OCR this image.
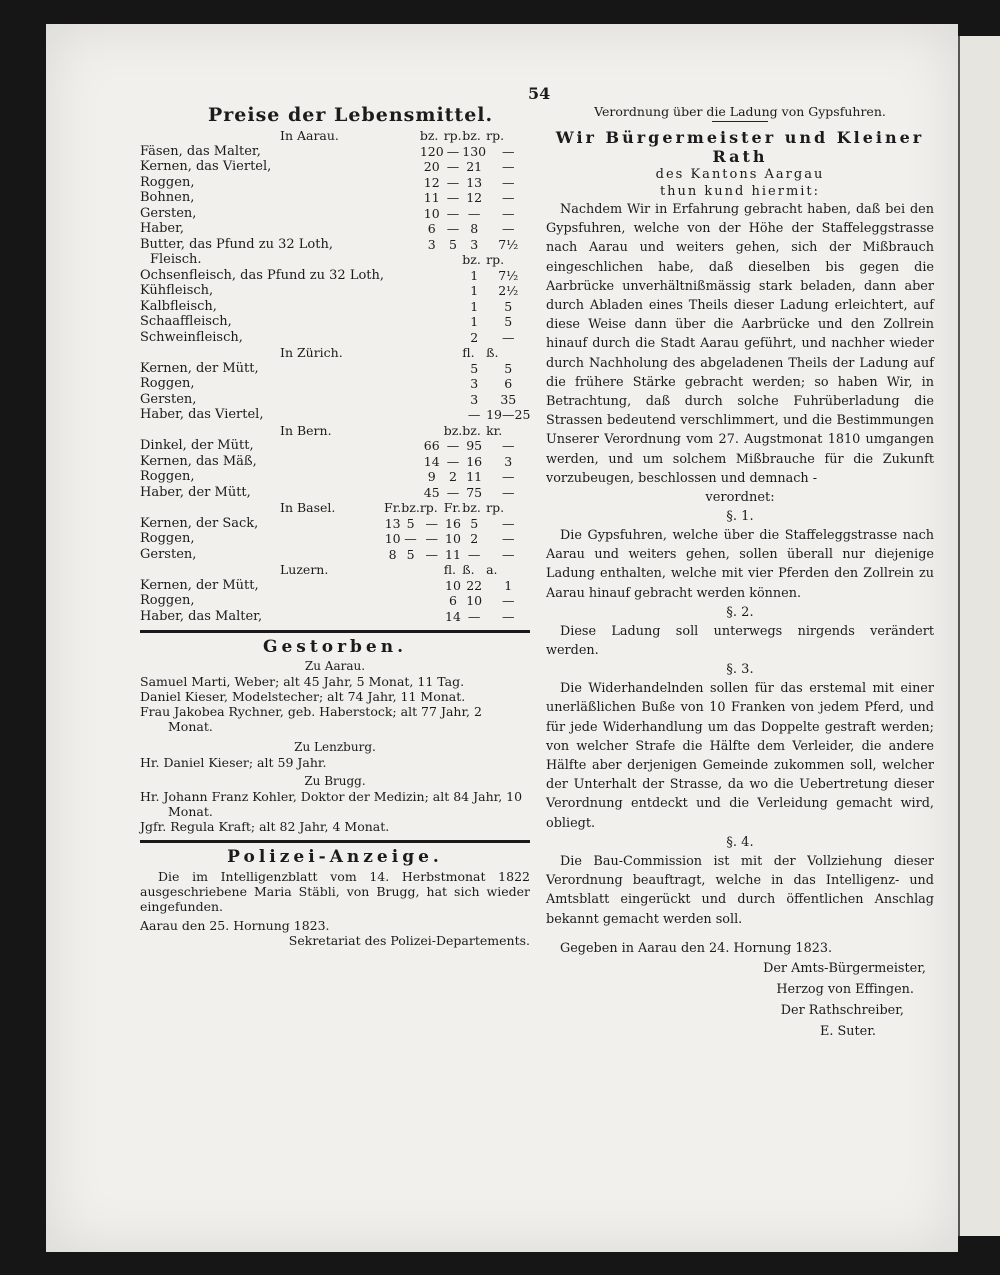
54
Preise der Lebensmittel.
In Aarau.			bz.	rp.	bz.	rp.
Fäsen, das Malter,			120	—	130	—
Kernen, das Viertel,			20	—	21	—
Roggen,			12	—	13	—
Bohnen,			11	—	12	—
Gersten,			10	—	—	—
Haber,			6	—	8	—
Butter, das Pfund zu 32 Loth,			3	5	3	7½
Fleisch.					bz.	rp.
Ochsenfleisch, das Pfund zu 32 Loth,					1	7½
Kühfleisch,					1	2½
Kalbfleisch,					1	5
Schaaffleisch,					1	5
Schweinfleisch,					2	—
In Zürich.					fl.	ß.
Kernen, der Mütt,					5	5
Roggen,					3	6
Gersten,					3	35
Haber, das Viertel,					—	19—25
In Bern.				bz.	bz.	kr.
Dinkel, der Mütt,			66	—	95	—
Kernen, das Mäß,			14	—	16	3
Roggen,			9	2	11	—
Haber, der Mütt,			45	—	75	—
In Basel.	Fr.	bz.	rp.	Fr.	bz.	rp.
Kernen, der Sack,	13	5	—	16	5	—
Roggen,	10	—	—	10	2	—
Gersten,	8	5	—	11	—	—
Luzern.				fl.	ß.	a.
Kernen, der Mütt,				10	22	1
Roggen,				6	10	—
Haber, das Malter,				14	—	—
Gestorben.
Zu Aarau.

Samuel Marti, Weber; alt 45 Jahr, 5 Monat, 11 Tag.

Daniel Kieser, Modelstecher; alt 74 Jahr, 11 Monat.

Frau Jakobea Rychner, geb. Haberstock; alt 77 Jahr, 2 Monat.

Zu Lenzburg.

Hr. Daniel Kieser; alt 59 Jahr.

Zu Brugg.

Hr. Johann Franz Kohler, Doktor der Medizin; alt 84 Jahr, 10 Monat.

Jgfr. Regula Kraft; alt 82 Jahr, 4 Monat.

Polizei-Anzeige.

Die im Intelligenzblatt vom 14. Herbstmonat 1822 ausgeschriebene Maria Stäbli, von Brugg, hat sich wieder eingefunden.

Aarau den 25. Hornung 1823.

Sekretariat des Polizei-Departements.

Verordnung über die Ladung von Gypsfuhren.
Wir Bürgermeister und Kleiner Rath
des Kantons Aargau
thun kund hiermit:

Nachdem Wir in Erfahrung gebracht haben, daß bei den Gypsfuhren, welche von der Höhe der Staffeleggstrasse nach Aarau und weiters gehen, sich der Mißbrauch eingeschlichen habe, daß dieselben bis gegen die Aarbrücke unverhältnißmässig stark beladen, dann aber durch Abladen eines Theils dieser Ladung erleichtert, auf diese Weise dann über die Aarbrücke und den Zollrein hinauf durch die Stadt Aarau geführt, und nachher wieder durch Nachholung des abgeladenen Theils der Ladung auf die frühere Stärke gebracht werden; so haben Wir, in Betrachtung, daß durch solche Fuhrüberladung die Strassen bedeutend verschlimmert, und die Bestimmungen Unserer Verordnung vom 27. Augstmonat 1810 umgangen werden, und um solchem Mißbrauche für die Zukunft vorzubeugen, beschlossen und demnach -

verordnet:

§. 1.

Die Gypsfuhren, welche über die Staffeleggstrasse nach Aarau und weiters gehen, sollen überall nur diejenige Ladung enthalten, welche mit vier Pferden den Zollrein zu Aarau hinauf gebracht werden können.

§. 2.

Diese Ladung soll unterwegs nirgends verändert werden.

§. 3.

Die Widerhandelnden sollen für das erstemal mit einer unerläßlichen Buße von 10 Franken von jedem Pferd, und für jede Widerhandlung um das Doppelte gestraft werden; von welcher Strafe die Hälfte dem Verleider, die andere Hälfte aber derjenigen Gemeinde zukommen soll, welcher der Unterhalt der Strasse, da wo die Uebertretung dieser Verordnung entdeckt und die Verleidung gemacht wird, obliegt.

§. 4.

Die Bau-Commission ist mit der Vollziehung dieser Verordnung beauftragt, welche in das Intelligenz- und Amtsblatt eingerückt und durch öffentlichen Anschlag bekannt gemacht werden soll.

Gegeben in Aarau den 24. Hornung 1823.

Der Amts-Bürgermeister,

Herzog von Effingen.

Der Rathschreiber,

E. Suter.
